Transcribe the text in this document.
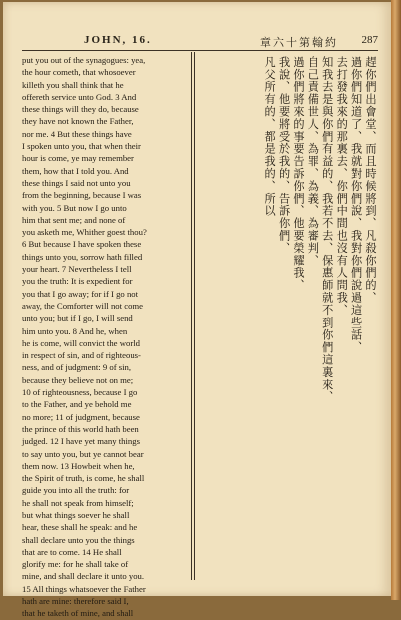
JOHN, 16.	章六十第翰約 287
put you out of the synagogues: yea,
the hour cometh, that whosoever
killeth you shall think that he
offereth service unto God. 3 And
these things will they do, because
they have not known the Father,
nor me. 4 But these things have
I spoken unto you, that when their
hour is come, ye may remember
them, how that I told you. And
these things I said not unto you
from the beginning, because I was
with you. 5 But now I go unto
him that sent me; and none of
you asketh me, Whither goest thou?
6 But because I have spoken these
things unto you, sorrow hath filled
your heart. 7 Nevertheless I tell
you the truth: It is expedient for
you that I go away; for if I go not
away, the Comforter will not come
unto you; but if I go, I will send
him unto you. 8 And he, when
he is come, will convict the world
in respect of sin, and of righteous-
ness, and of judgment: 9 of sin,
because they believe not on me;
10 of righteousness, because I go
to the Father, and ye behold me
no more; 11 of judgment, because
the prince of this world hath been
judged. 12 I have yet many things
to say unto you, but ye cannot bear
them now. 13 Howbeit when he,
the Spirit of truth, is come, he shall
guide you into all the truth: for
he shall not speak from himself;
but what things soever he shall
hear, these shall he speak: and he
shall declare unto you the things
that are to come. 14 He shall
glorify me: for he shall take of
mine, and shall declare it unto you.
15 All things whatsoever the Father
hath are mine: therefore said I,
that he taketh of mine, and shall
趕你們出會堂、而且時候將到、凡殺你們的、
過你們知道了、我就對你們說、我對你們說過這些話、
去打發我來的那裏去、你們中間也沒有人問我、
知我去是與你們有益的、我若不去、保惠師就不到你們這裏來、
自己責備世人、為罪、為義、為審判、
過你們將來的事要告訴你們、他要榮耀我、
我說、他要將受於我的、告訴你們、
凡父所有的、都是我的、所以
